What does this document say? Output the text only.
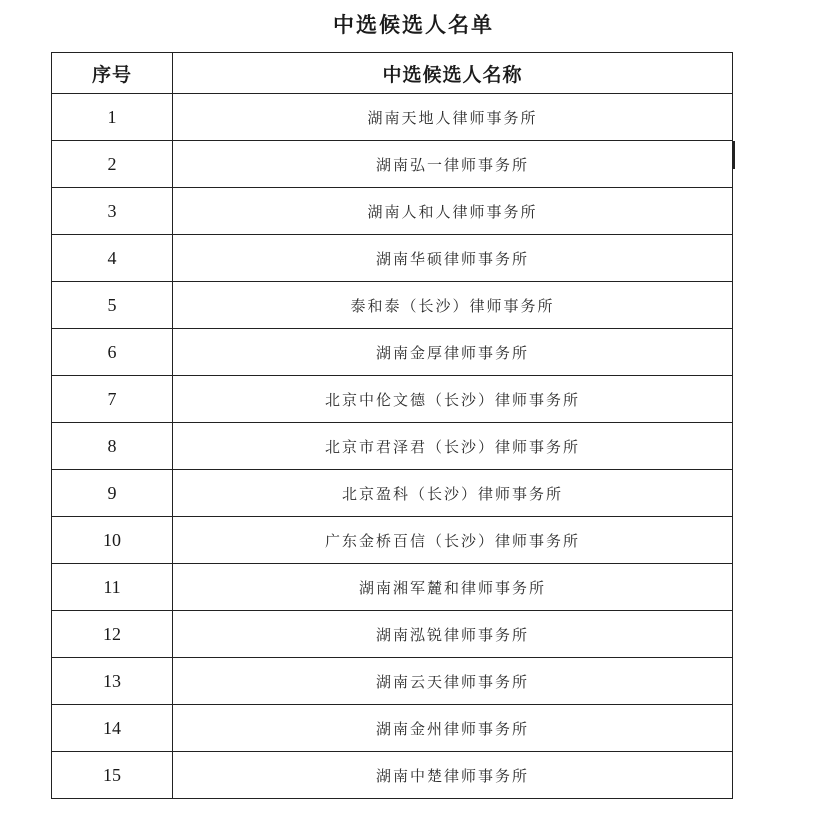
中选候选人名单
序号	中选候选人名称
1	湖南天地人律师事务所
2	湖南弘一律师事务所
3	湖南人和人律师事务所
4	湖南华硕律师事务所
5	泰和泰（长沙）律师事务所
6	湖南金厚律师事务所
7	北京中伦文德（长沙）律师事务所
8	北京市君泽君（长沙）律师事务所
9	北京盈科（长沙）律师事务所
10	广东金桥百信（长沙）律师事务所
11	湖南湘军麓和律师事务所
12	湖南泓锐律师事务所
13	湖南云天律师事务所
14	湖南金州律师事务所
15	湖南中楚律师事务所
